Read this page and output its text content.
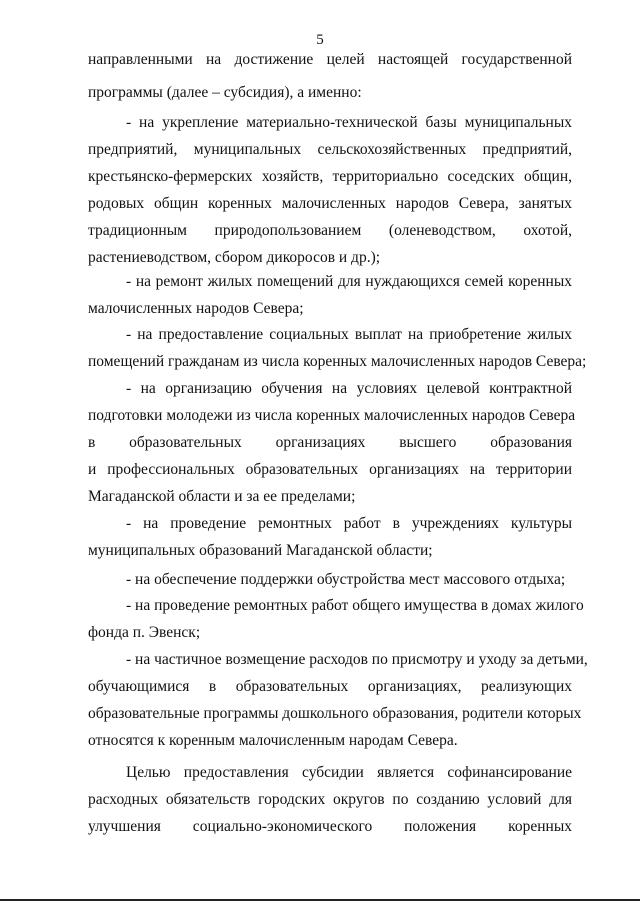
5
направленными на достижение целей настоящей государственной
программы (далее – субсидия), а именно:
- на укрепление материально-технической базы муниципальных
предприятий, муниципальных сельскохозяйственных предприятий,
крестьянско-фермерских хозяйств, территориально соседских общин,
родовых общин коренных малочисленных народов Севера, занятых
традиционным природопользованием (оленеводством, охотой,
растениеводством, сбором дикоросов и др.);
- на ремонт жилых помещений для нуждающихся семей коренных
малочисленных народов Севера;
- на предоставление социальных выплат на приобретение жилых
помещений гражданам из числа коренных малочисленных народов Севера;
- на организацию обучения на условиях целевой контрактной
подготовки молодежи из числа коренных малочисленных народов Севера
в образовательных организациях высшего образования
и профессиональных образовательных организациях на территории
Магаданской области и за ее пределами;
- на проведение ремонтных работ в учреждениях культуры
муниципальных образований Магаданской области;
- на обеспечение поддержки обустройства мест массового отдыха;
- на проведение ремонтных работ общего имущества в домах жилого
фонда п. Эвенск;
- на частичное возмещение расходов по присмотру и уходу за детьми,
обучающимися в образовательных организациях, реализующих
образовательные программы дошкольного образования, родители которых
относятся к коренным малочисленным народам Севера.
Целью предоставления субсидии является софинансирование
расходных обязательств городских округов по созданию условий для
улучшения социально-экономического положения коренных
